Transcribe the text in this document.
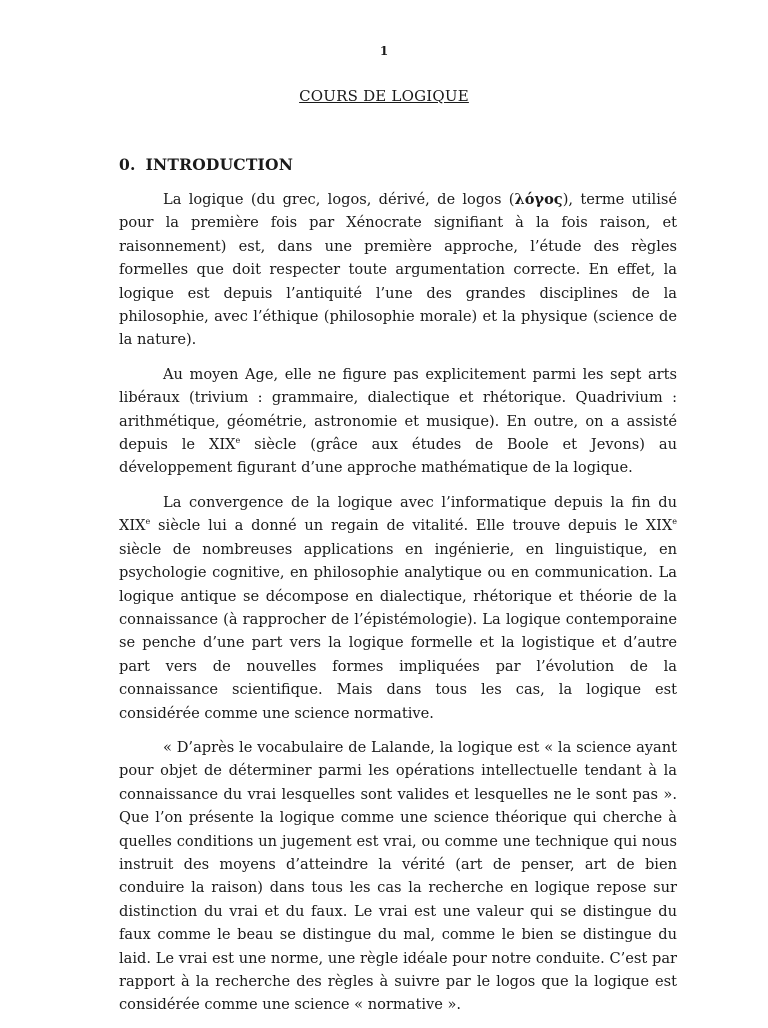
1
COURS DE LOGIQUE
0. INTRODUCTION

La logique (du grec, logos, dérivé, de logos (λόγος), terme utilisé pour la première fois par Xénocrate signifiant à la fois raison, et raisonnement) est, dans une première approche, l’étude des règles formelles que doit respecter toute argumentation correcte. En effet, la logique est depuis l’antiquité l’une des grandes disciplines de la philosophie, avec l’éthique (philosophie morale) et la physique (science de la nature).

Au moyen Age, elle ne figure pas explicitement parmi les sept arts libéraux (trivium : grammaire, dialectique et rhétorique. Quadrivium : arithmétique, géométrie, astronomie et musique). En outre, on a assisté depuis le XIXe siècle (grâce aux études de Boole et Jevons) au développement figurant d’une approche mathématique de la logique.

La convergence de la logique avec l’informatique depuis la fin du XIXe siècle lui a donné un regain de vitalité. Elle trouve depuis le XIXe siècle de nombreuses applications en ingénierie, en linguistique, en psychologie cognitive, en philosophie analytique ou en communication. La logique antique se décompose en dialectique, rhétorique et théorie de la connaissance (à rapprocher de l’épistémologie). La logique contemporaine se penche d’une part vers la logique formelle et la logistique et d’autre part vers de nouvelles formes impliquées par l’évolution de la connaissance scientifique. Mais dans tous les cas, la logique est considérée comme une science normative.

« D’après le vocabulaire de Lalande, la logique est « la science ayant pour objet de déterminer parmi les opérations intellectuelle tendant à la connaissance du vrai lesquelles sont valides et lesquelles ne le sont pas ». Que l’on présente la logique comme une science théorique qui cherche à quelles conditions un jugement est vrai, ou comme une technique qui nous instruit des moyens d’atteindre la vérité (art de penser, art de bien conduire la raison) dans tous les cas la recherche en logique repose sur distinction du vrai et du faux. Le vrai est une valeur qui se distingue du faux comme le beau se distingue du mal, comme le bien se distingue du laid. Le vrai est une norme, une règle idéale pour notre conduite. C’est par rapport à la recherche des règles à suivre par le logos que la logique est considérée comme une science « normative ».
